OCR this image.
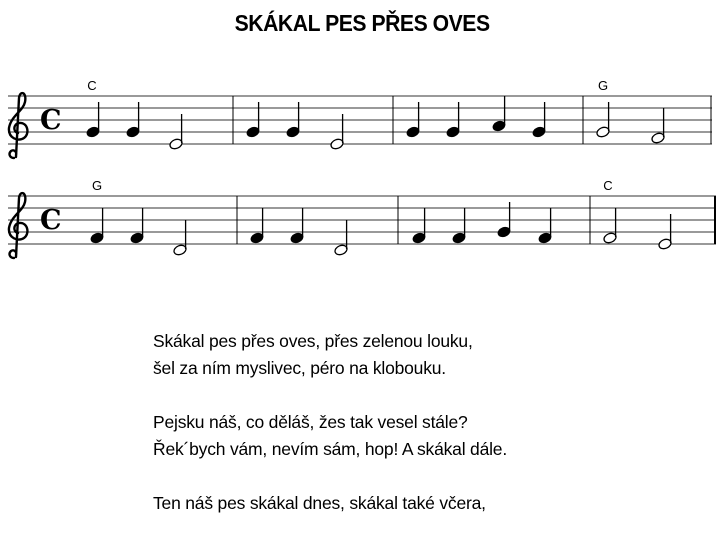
SKÁKAL PES PŘES OVES
C
C	G
C
G	C
Skákal pes přes oves, přes zelenou louku,
šel za ním myslivec, péro na klobouku.
Pejsku náš, co děláš, žes tak vesel stále?
Řek´bych vám, nevím sám, hop! A skákal dále.
Ten náš pes skákal dnes, skákal také včera,
